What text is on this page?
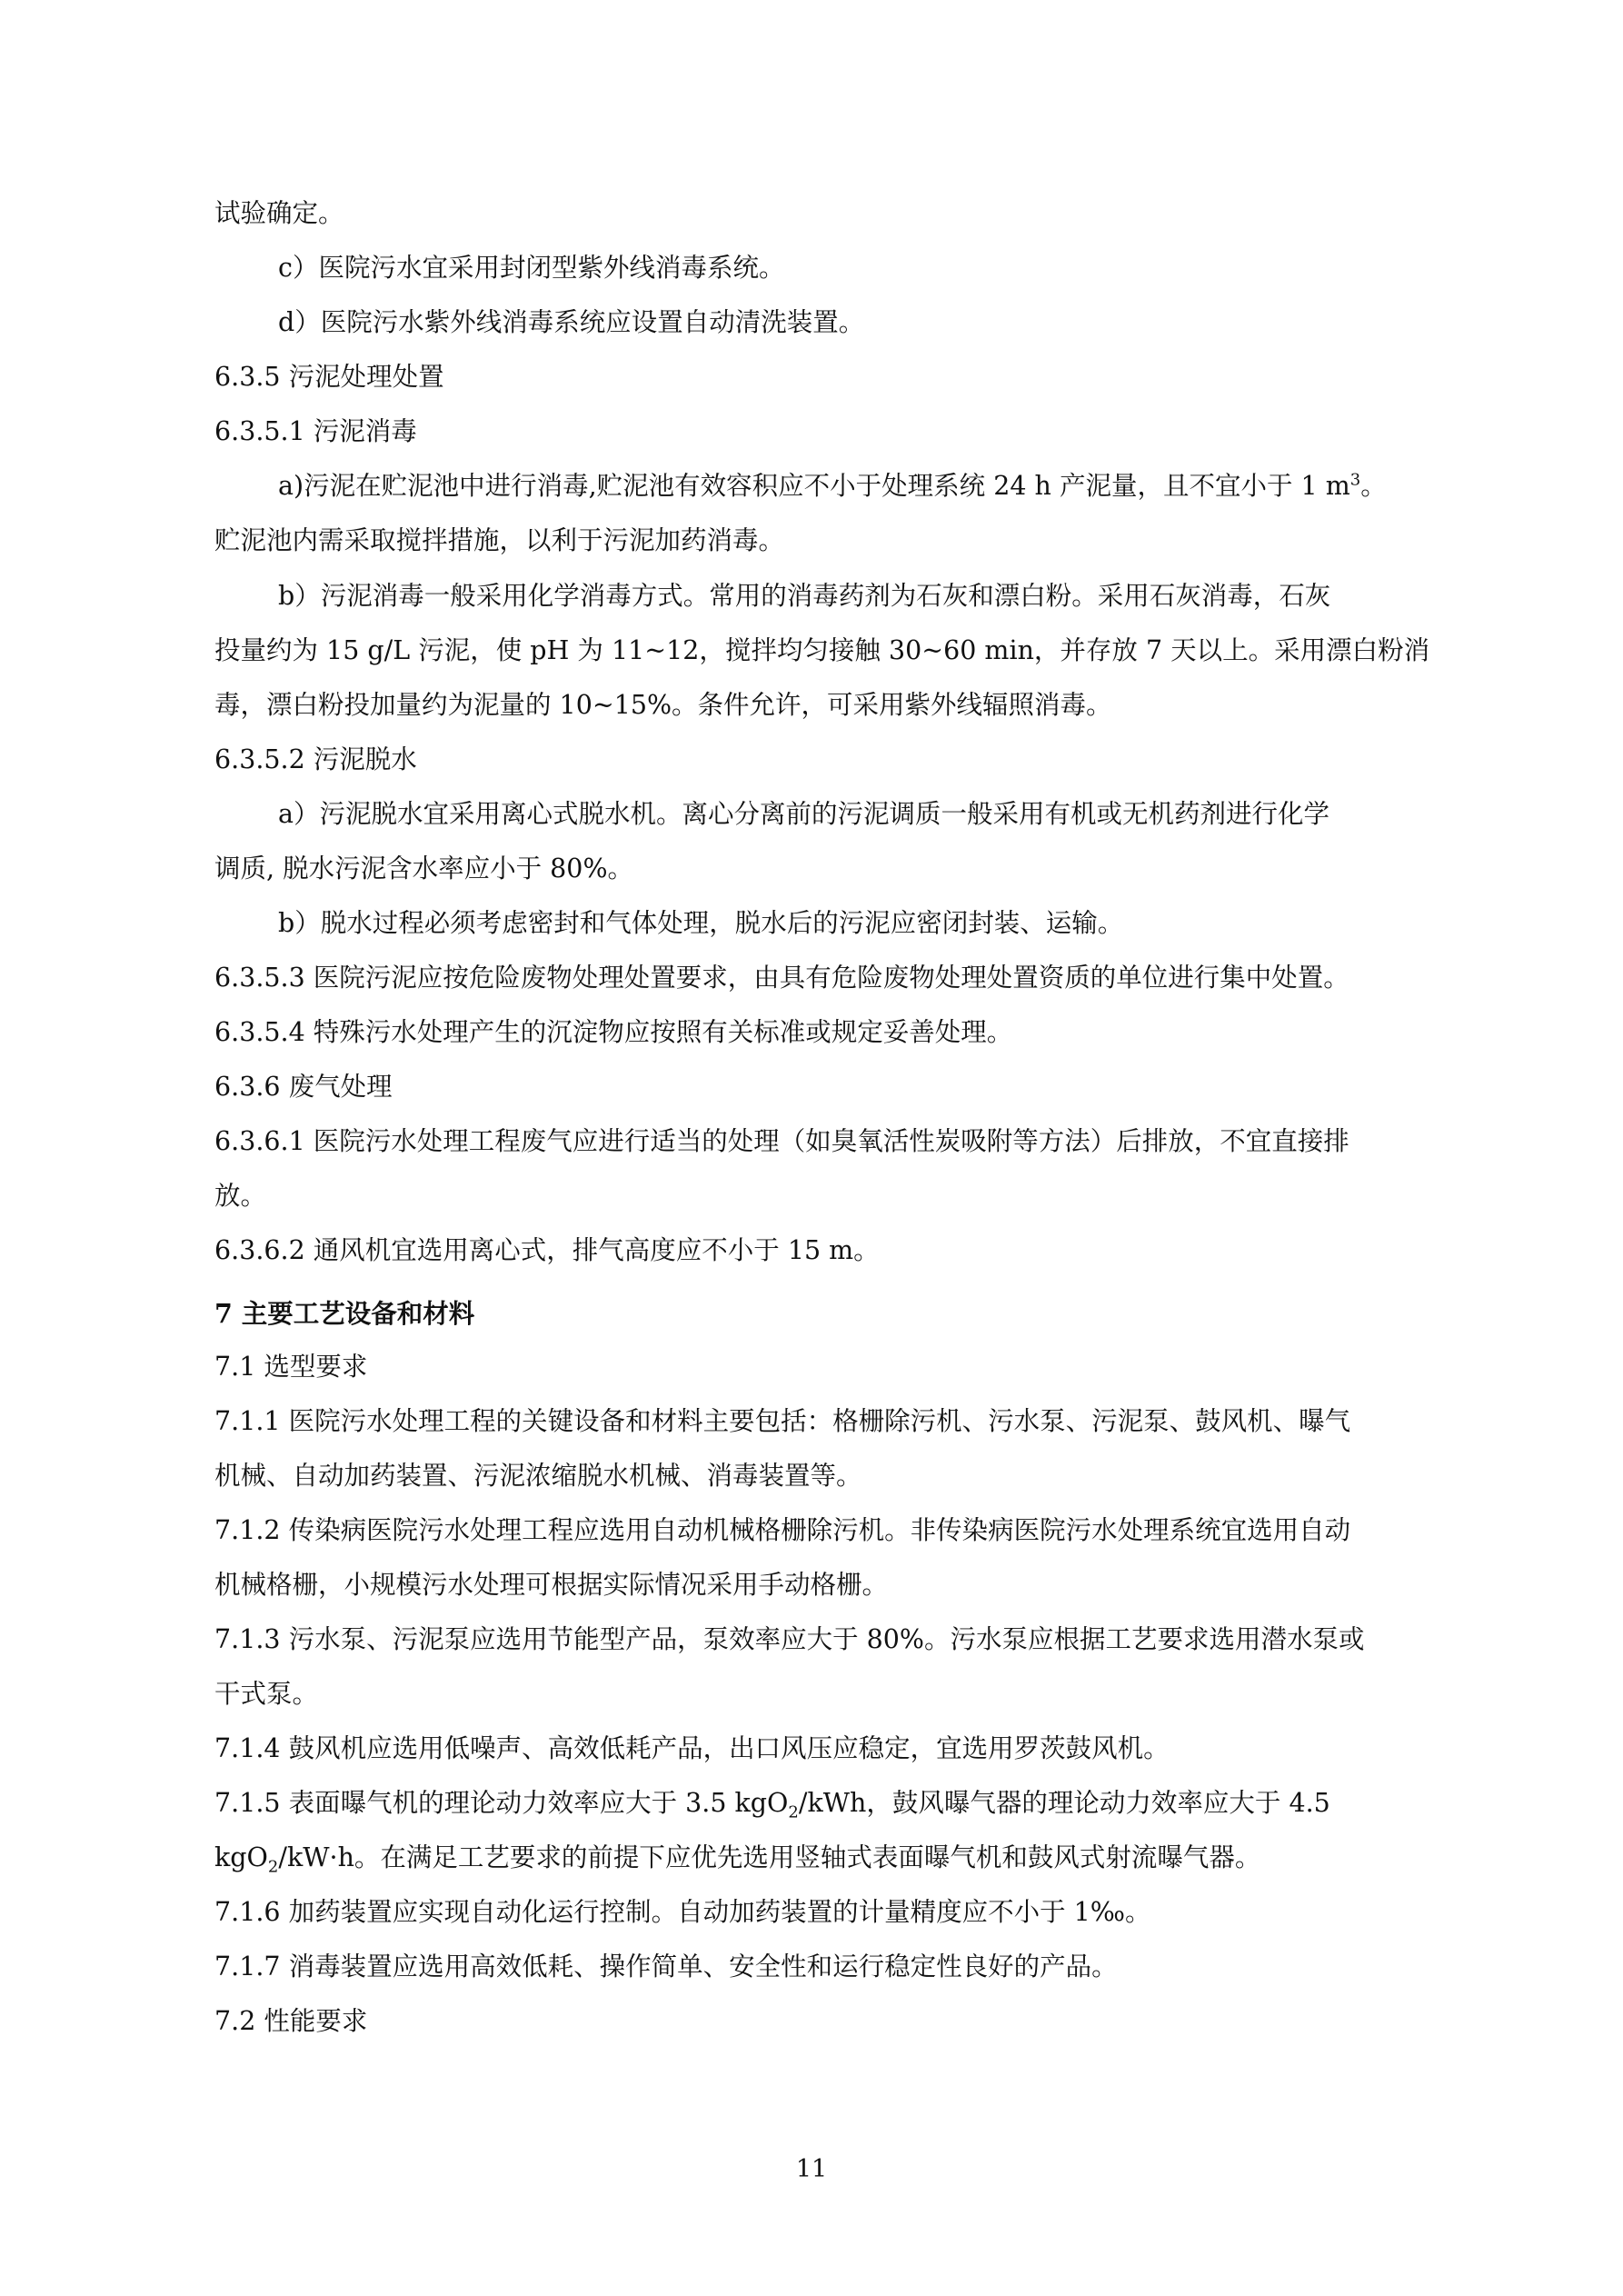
试验确定。
c）医院污水宜采用封闭型紫外线消毒系统。
d）医院污水紫外线消毒系统应设置自动清洗装置。
6.3.5 污泥处理处置
6.3.5.1 污泥消毒
a)污泥在贮泥池中进行消毒,贮泥池有效容积应不小于处理系统 24 h 产泥量，且不宜小于 1 $m^3$。
贮泥池内需采取搅拌措施，以利于污泥加药消毒。
b）污泥消毒一般采用化学消毒方式。常用的消毒药剂为石灰和漂白粉。采用石灰消毒，石灰
投量约为 15 g/L 污泥，使 pH 为 11~12，搅拌均匀接触 30~60 min，并存放 7 天以上。采用漂白粉消
毒，漂白粉投加量约为泥量的 10~15%。条件允许，可采用紫外线辐照消毒。
6.3.5.2 污泥脱水
a）污泥脱水宜采用离心式脱水机。离心分离前的污泥调质一般采用有机或无机药剂进行化学
调质, 脱水污泥含水率应小于 80%。
b）脱水过程必须考虑密封和气体处理，脱水后的污泥应密闭封装、运输。
6.3.5.3 医院污泥应按危险废物处理处置要求，由具有危险废物处理处置资质的单位进行集中处置。
6.3.5.4 特殊污水处理产生的沉淀物应按照有关标准或规定妥善处理。
6.3.6 废气处理
6.3.6.1 医院污水处理工程废气应进行适当的处理（如臭氧活性炭吸附等方法）后排放，不宜直接排
放。
6.3.6.2 通风机宜选用离心式，排气高度应不小于 15 m。
7 主要工艺设备和材料
7.1 选型要求
7.1.1 医院污水处理工程的关键设备和材料主要包括：格栅除污机、污水泵、污泥泵、鼓风机、曝气
机械、自动加药装置、污泥浓缩脱水机械、消毒装置等。
7.1.2 传染病医院污水处理工程应选用自动机械格栅除污机。非传染病医院污水处理系统宜选用自动
机械格栅，小规模污水处理可根据实际情况采用手动格栅。
7.1.3 污水泵、污泥泵应选用节能型产品，泵效率应大于 80%。污水泵应根据工艺要求选用潜水泵或
干式泵。
7.1.4 鼓风机应选用低噪声、高效低耗产品，出口风压应稳定，宜选用罗茨鼓风机。
7.1.5 表面曝气机的理论动力效率应大于 3.5 kgO$_2$/kWh，鼓风曝气器的理论动力效率应大于 4.5
kgO$_2$/kW·h。在满足工艺要求的前提下应优先选用竖轴式表面曝气机和鼓风式射流曝气器。
7.1.6 加药装置应实现自动化运行控制。自动加药装置的计量精度应不小于 1‰。
7.1.7 消毒装置应选用高效低耗、操作简单、安全性和运行稳定性良好的产品。
7.2 性能要求
11
